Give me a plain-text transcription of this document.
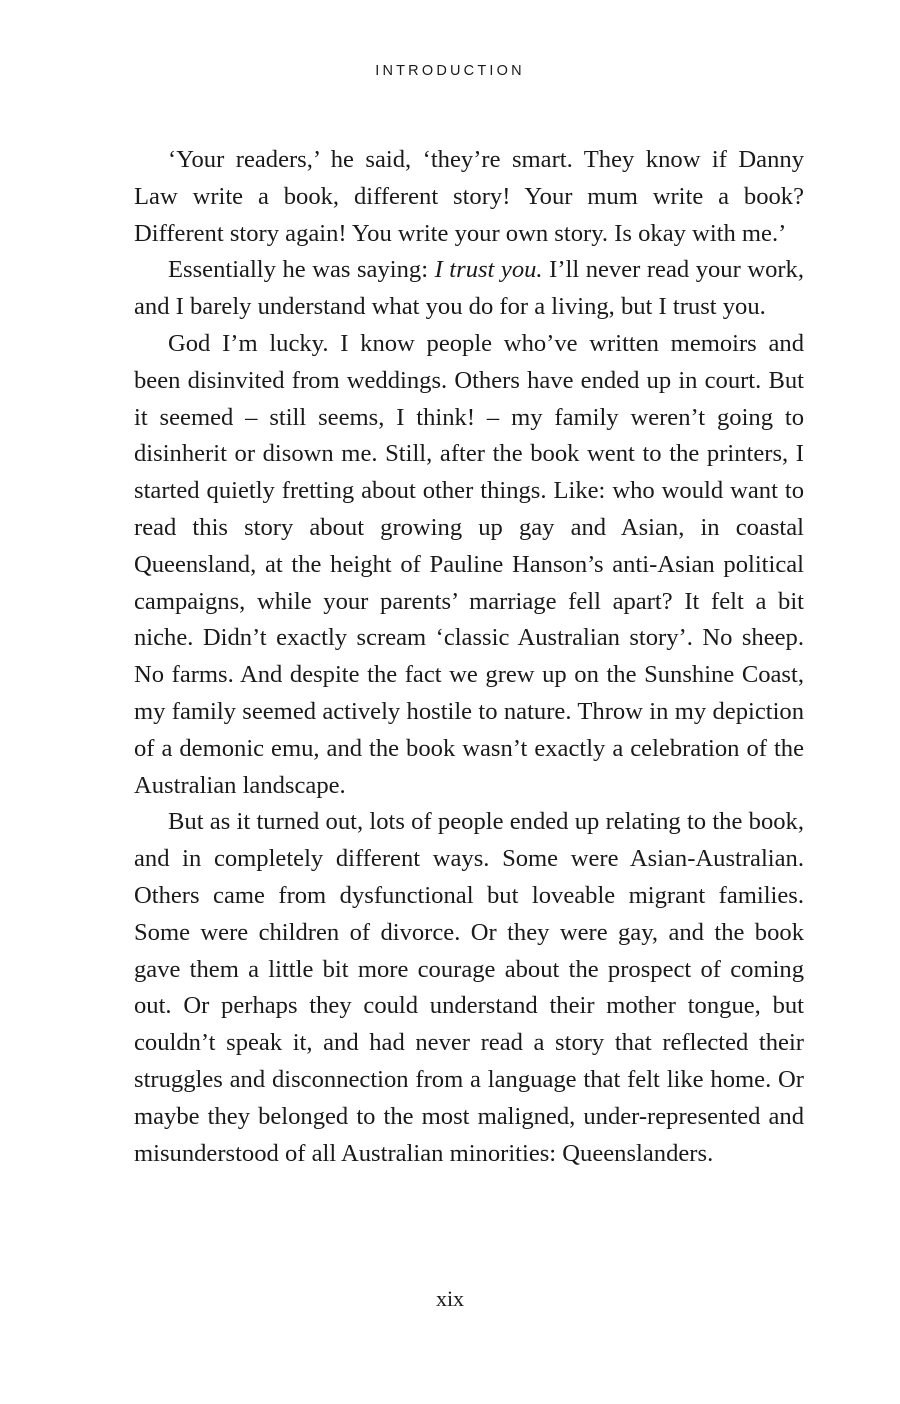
INTRODUCTION

‘Your readers,’ he said, ‘they’re smart. They know if Danny Law write a book, different story! Your mum write a book? Different story again! You write your own story. Is okay with me.’

Essentially he was saying: I trust you. I’ll never read your work, and I barely understand what you do for a living, but I trust you.

God I’m lucky. I know people who’ve written memoirs and been disinvited from weddings. Others have ended up in court. But it seemed – still seems, I think! – my family weren’t going to disinherit or disown me. Still, after the book went to the printers, I started quietly fretting about other things. Like: who would want to read this story about growing up gay and Asian, in coastal Queensland, at the height of Pauline Hanson’s anti-Asian political campaigns, while your parents’ marriage fell apart? It felt a bit niche. Didn’t exactly scream ‘classic Australian story’. No sheep. No farms. And despite the fact we grew up on the Sunshine Coast, my family seemed actively hostile to nature. Throw in my depiction of a demonic emu, and the book wasn’t exactly a celebration of the Australian landscape.

But as it turned out, lots of people ended up relating to the book, and in completely different ways. Some were Asian-Australian. Others came from dysfunctional but loveable migrant families. Some were children of divorce. Or they were gay, and the book gave them a little bit more courage about the prospect of coming out. Or perhaps they could understand their mother tongue, but couldn’t speak it, and had never read a story that reflected their struggles and disconnection from a language that felt like home. Or maybe they belonged to the most maligned, under-represented and misunderstood of all Australian minorities: Queenslanders.

xix
